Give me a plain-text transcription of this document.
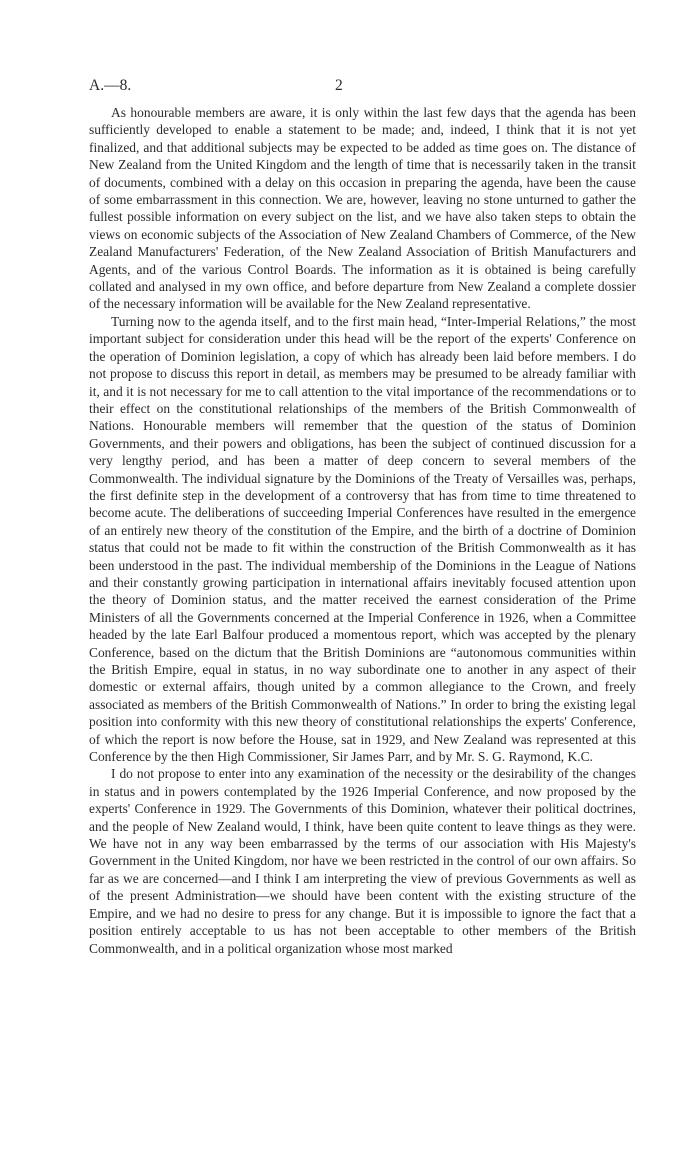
A.—8.	2

As honourable members are aware, it is only within the last few days that the agenda has been sufficiently developed to enable a statement to be made; and, indeed, I think that it is not yet finalized, and that additional subjects may be expected to be added as time goes on. The distance of New Zealand from the United Kingdom and the length of time that is necessarily taken in the transit of documents, combined with a delay on this occasion in preparing the agenda, have been the cause of some embarrassment in this connection. We are, however, leaving no stone unturned to gather the fullest possible information on every subject on the list, and we have also taken steps to obtain the views on economic subjects of the Association of New Zealand Chambers of Commerce, of the New Zealand Manufacturers' Federation, of the New Zealand Association of British Manufacturers and Agents, and of the various Control Boards. The information as it is obtained is being carefully collated and analysed in my own office, and before departure from New Zealand a complete dossier of the necessary information will be available for the New Zealand representative.

Turning now to the agenda itself, and to the first main head, “Inter-Imperial Relations,” the most important subject for consideration under this head will be the report of the experts' Conference on the operation of Dominion legislation, a copy of which has already been laid before members. I do not propose to discuss this report in detail, as members may be presumed to be already familiar with it, and it is not necessary for me to call attention to the vital importance of the recommendations or to their effect on the constitutional relationships of the members of the British Commonwealth of Nations. Honourable members will remember that the question of the status of Dominion Governments, and their powers and obligations, has been the subject of continued discussion for a very lengthy period, and has been a matter of deep concern to several members of the Commonwealth. The individual signature by the Dominions of the Treaty of Versailles was, perhaps, the first definite step in the development of a controversy that has from time to time threatened to become acute. The deliberations of succeeding Imperial Conferences have resulted in the emergence of an entirely new theory of the constitution of the Empire, and the birth of a doctrine of Dominion status that could not be made to fit within the construction of the British Commonwealth as it has been understood in the past. The individual membership of the Dominions in the League of Nations and their constantly growing participation in international affairs inevitably focused attention upon the theory of Dominion status, and the matter received the earnest consideration of the Prime Ministers of all the Governments concerned at the Imperial Conference in 1926, when a Committee headed by the late Earl Balfour produced a momentous report, which was accepted by the plenary Conference, based on the dictum that the British Dominions are “autonomous communities within the British Empire, equal in status, in no way subordinate one to another in any aspect of their domestic or external affairs, though united by a common allegiance to the Crown, and freely associated as members of the British Commonwealth of Nations.” In order to bring the existing legal position into conformity with this new theory of constitutional relationships the experts' Conference, of which the report is now before the House, sat in 1929, and New Zealand was represented at this Conference by the then High Commissioner, Sir James Parr, and by Mr. S. G. Raymond, K.C.

I do not propose to enter into any examination of the necessity or the desirability of the changes in status and in powers contemplated by the 1926 Imperial Conference, and now proposed by the experts' Conference in 1929. The Governments of this Dominion, whatever their political doctrines, and the people of New Zealand would, I think, have been quite content to leave things as they were. We have not in any way been embarrassed by the terms of our association with His Majesty's Government in the United Kingdom, nor have we been restricted in the control of our own affairs. So far as we are concerned—and I think I am interpreting the view of previous Governments as well as of the present Administration—we should have been content with the existing structure of the Empire, and we had no desire to press for any change. But it is impossible to ignore the fact that a position entirely acceptable to us has not been acceptable to other members of the British Commonwealth, and in a political organization whose most marked
